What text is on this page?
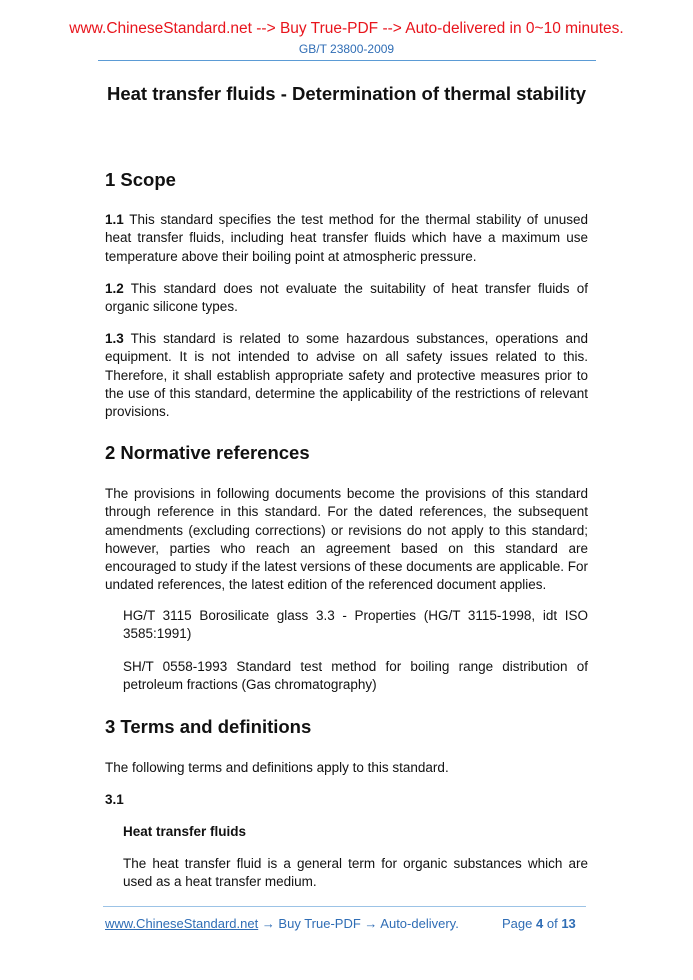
www.ChineseStandard.net --> Buy True-PDF --> Auto-delivered in 0~10 minutes.
GB/T 23800-2009
Heat transfer fluids - Determination of thermal stability
1 Scope
1.1 This standard specifies the test method for the thermal stability of unused heat transfer fluids, including heat transfer fluids which have a maximum use temperature above their boiling point at atmospheric pressure.
1.2 This standard does not evaluate the suitability of heat transfer fluids of organic silicone types.
1.3 This standard is related to some hazardous substances, operations and equipment. It is not intended to advise on all safety issues related to this. Therefore, it shall establish appropriate safety and protective measures prior to the use of this standard, determine the applicability of the restrictions of relevant provisions.
2 Normative references
The provisions in following documents become the provisions of this standard through reference in this standard. For the dated references, the subsequent amendments (excluding corrections) or revisions do not apply to this standard; however, parties who reach an agreement based on this standard are encouraged to study if the latest versions of these documents are applicable. For undated references, the latest edition of the referenced document applies.
HG/T 3115 Borosilicate glass 3.3 - Properties (HG/T 3115-1998, idt ISO 3585:1991)
SH/T 0558-1993 Standard test method for boiling range distribution of petroleum fractions (Gas chromatography)
3 Terms and definitions
The following terms and definitions apply to this standard.
3.1
Heat transfer fluids
The heat transfer fluid is a general term for organic substances which are used as a heat transfer medium.
www.ChineseStandard.net → Buy True-PDF → Auto-delivery.	Page 4 of 13
